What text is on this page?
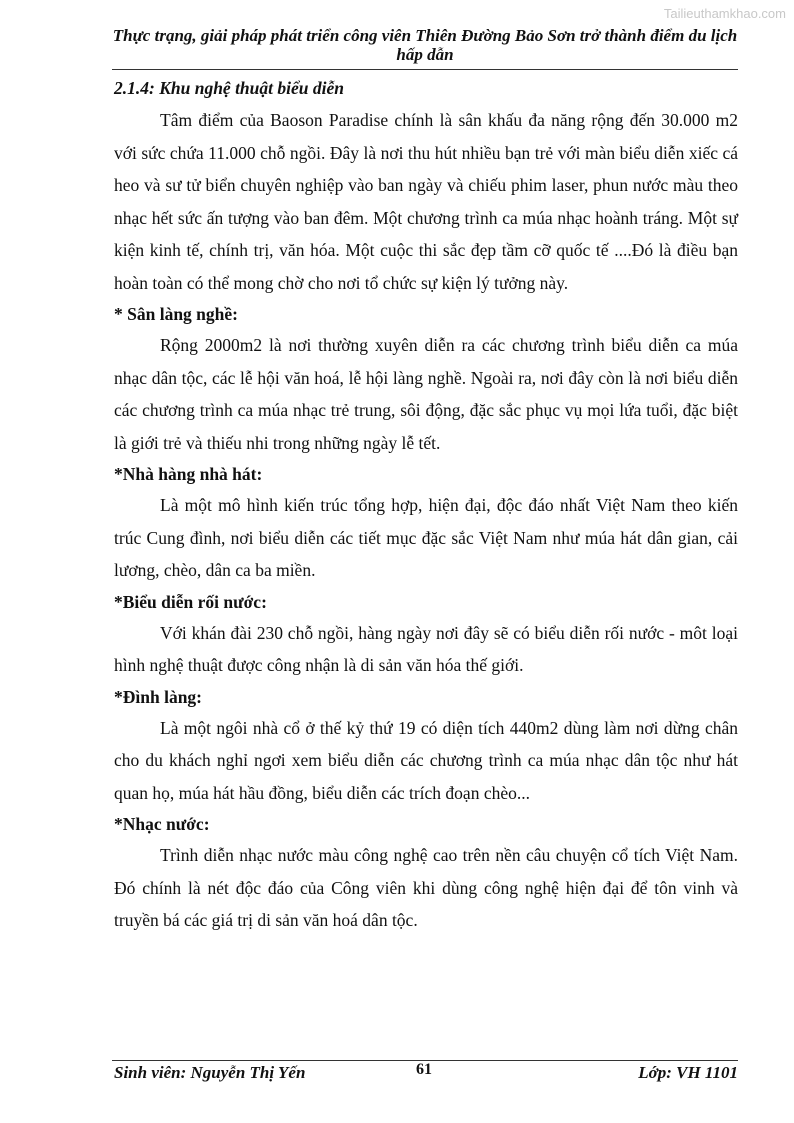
Tailieuthamkhao.com
Thực trạng, giải pháp phát triển công viên Thiên Đường Bảo Sơn trở thành điểm du lịch hấp dẫn
2.1.4: Khu nghệ thuật biểu diễn

Tâm điểm của Baoson Paradise chính là sân khấu đa năng rộng đến 30.000 m2 với sức chứa 11.000 chỗ ngồi. Đây là nơi thu hút nhiều bạn trẻ với màn biểu diễn xiếc cá heo và sư tử biển chuyên nghiệp vào ban ngày và chiếu phim laser, phun nước màu theo nhạc hết sức ấn tượng vào ban đêm. Một chương trình ca múa nhạc hoành tráng. Một sự kiện kinh tế, chính trị, văn hóa. Một cuộc thi sắc đẹp tầm cỡ quốc tế ....Đó là điều bạn hoàn toàn có thể mong chờ cho nơi tổ chức sự kiện lý tưởng này.

* Sân làng nghề:

Rộng 2000m2 là nơi thường xuyên diễn ra các chương trình biểu diễn ca múa nhạc dân tộc, các lễ hội văn hoá, lễ hội làng nghề. Ngoài ra, nơi đây còn là nơi biểu diễn các chương trình ca múa nhạc trẻ trung, sôi động, đặc sắc phục vụ mọi lứa tuổi, đặc biệt là giới trẻ và thiếu nhi trong những ngày lễ tết.

*Nhà hàng nhà hát:

Là một mô hình kiến trúc tổng hợp, hiện đại, độc đáo nhất Việt Nam theo kiến trúc Cung đình, nơi biểu diễn các tiết mục đặc sắc Việt Nam như múa hát dân gian, cải lương, chèo, dân ca ba miền.

*Biểu diễn rối nước:

Với khán đài 230 chỗ ngồi, hàng ngày nơi đây sẽ có biểu diễn rối nước - môt loại hình nghệ thuật được công nhận là di sản văn hóa thế giới.

*Đình làng:

Là một ngôi nhà cổ ở thế kỷ thứ 19 có diện tích 440m2 dùng làm nơi dừng chân cho du khách nghỉ ngơi xem biểu diễn các chương trình ca múa nhạc dân tộc như hát quan họ, múa hát hầu đồng, biểu diễn các trích đoạn chèo...

*Nhạc nước:

Trình diễn nhạc nước màu công nghệ cao trên nền câu chuyện cổ tích Việt Nam. Đó chính là nét độc đáo của Công viên khi dùng công nghệ hiện đại để tôn vinh và truyền bá các giá trị di sản văn hoá dân tộc.

Sinh viên: Nguyễn Thị Yến	61	Lớp: VH 1101
